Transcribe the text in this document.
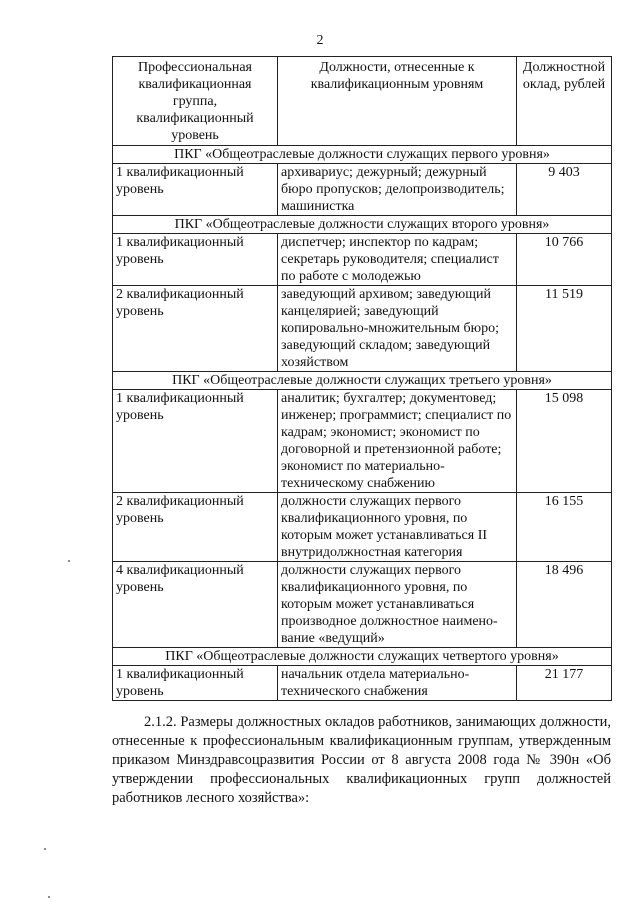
2
Профессиональная квалификационная группа, квалификационный уровень	Должности, отнесенные к квалификационным уровням	Должностной оклад, рублей
ПКГ «Общеотраслевые должности служащих первого уровня»		
1 квалификационный уровень	архивариус; дежурный; дежурный бюро пропусков; делопроизводитель; машинистка	9 403
ПКГ «Общеотраслевые должности служащих второго уровня»		
1 квалификационный уровень	диспетчер; инспектор по кадрам; секретарь руководителя; специалист по работе с молодежью	10 766
2 квалификационный уровень	заведующий архивом; заведующий канцелярией; заведующий копировально-множительным бюро; заведующий складом; заведующий хозяйством	11 519
ПКГ «Общеотраслевые должности служащих третьего уровня»		
1 квалификационный уровень	аналитик; бухгалтер; документовед; инженер; программист; специалист по кадрам; экономист; экономист по договорной и претензионной работе; экономист по материально-техническому снабжению	15 098
2 квалификационный уровень	должности служащих первого квалификационного уровня, по которым может устанавливаться II внутридолжностная категория	16 155
4 квалификационный уровень	должности служащих первого квалификационного уровня, по которым может устанавливаться производное должностное наименование «ведущий»	18 496
ПКГ «Общеотраслевые должности служащих четвертого уровня»		
1 квалификационный уровень	начальник отдела материально-технического снабжения	21 177

2.1.2. Размеры должностных окладов работников, занимающих должности, отнесенные к профессиональным квалификационным группам, утвержденным приказом Минздравсоцразвития России от 8 августа 2008 года № 390н «Об утверждении профессиональных квалификационных групп должностей работников лесного хозяйства»:
